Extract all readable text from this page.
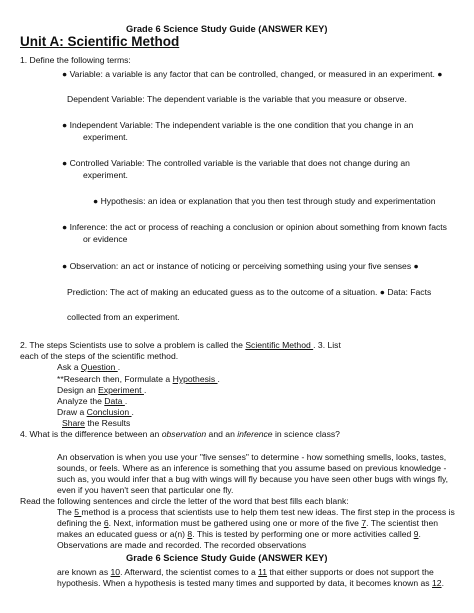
Grade 6 Science Study Guide (ANSWER KEY)
Unit A: Scientific Method
1. Define the following terms:
● Variable: a variable is any factor that can be controlled, changed, or measured in an experiment. ●
Dependent Variable: The dependent variable is the variable that you measure or observe.
● Independent Variable: The independent variable is the one condition that you change in an
experiment.
● Controlled Variable: The controlled variable is the variable that does not change during an
experiment.
● Hypothesis: an idea or explanation that you then test through study and experimentation
● Inference: the act or process of reaching a conclusion or opinion about something from known facts
or evidence
● Observation: an act or instance of noticing or perceiving something using your five senses ●
Prediction: The act of making an educated guess as to the outcome of a situation. ● Data: Facts
collected from an experiment.
2. The steps Scientists use to solve a problem is called the Scientific Method . 3. List
each of the steps of the scientific method.
Ask a Question .
**Research then, Formulate a Hypothesis .
Design an Experiment .
Analyze the Data .
Draw a Conclusion .
Share the Results
4. What is the difference between an observation and an inference in science class?
An observation is when you use your "five senses" to determine - how something smells, looks, tastes,
sounds, or feels. Where as an inference is something that you assume based on previous knowledge -
such as, you would infer that a bug with wings will fly because you have seen other bugs with wings fly,
even if you haven't seen that particular one fly.
Read the following sentences and circle the letter of the word that best fills each blank:
The 5 method is a process that scientists use to help them test new ideas. The first step in the process is
defining the 6. Next, information must be gathered using one or more of the five 7. The scientist then
makes an educated guess or a(n) 8. This is tested by performing one or more activities called 9.
Observations are made and recorded. The recorded observations
Grade 6 Science Study Guide (ANSWER KEY)
are known as 10. Afterward, the scientist comes to a 11 that either supports or does not support the
hypothesis. When a hypothesis is tested many times and supported by data, it becomes known as 12.
